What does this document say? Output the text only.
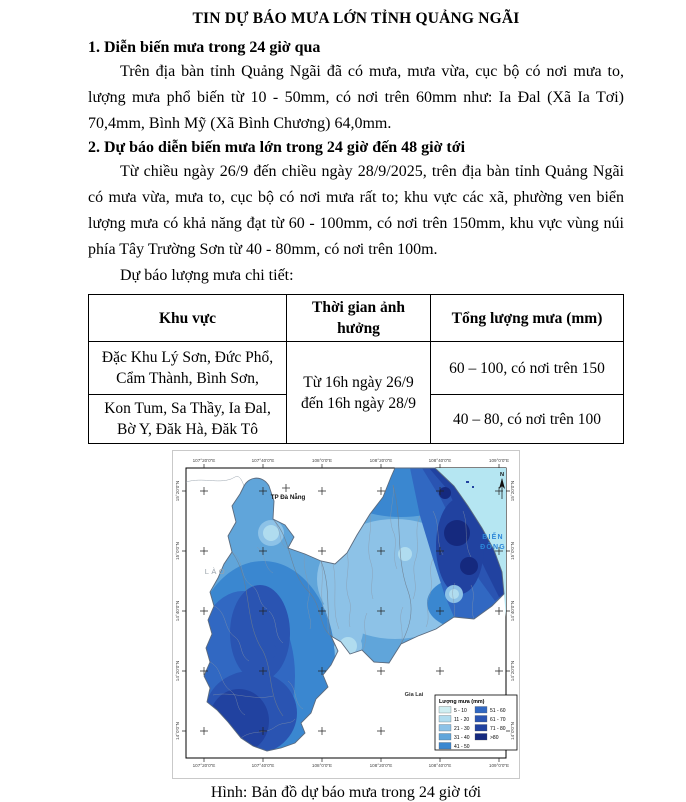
TIN DỰ BÁO MƯA LỚN TỈNH QUẢNG NGÃI
1. Diễn biến mưa trong 24 giờ qua

Trên địa bàn tỉnh Quảng Ngãi đã có mưa, mưa vừa, cục bộ có nơi mưa to, lượng mưa phổ biến từ 10 - 50mm, có nơi trên 60mm như: Ia Đal (Xã Ia Tơi) 70,4mm, Bình Mỹ (Xã Bình Chương) 64,0mm.

2. Dự báo diễn biến mưa lớn trong 24 giờ đến 48 giờ tới

Từ chiều ngày 26/9 đến chiều ngày 28/9/2025, trên địa bàn tỉnh Quảng Ngãi có mưa vừa, mưa to, cục bộ có nơi mưa rất to; khu vực các xã, phường ven biển lượng mưa có khả năng đạt từ 60 - 100mm, có nơi trên 150mm, khu vực vùng núi phía Tây Trường Sơn từ 40 - 80mm, có nơi trên 100m.

Dự báo lượng mưa chi tiết:

Khu vực	Thời gian ảnh hưởng	Tổng lượng mưa (mm)
Đặc Khu Lý Sơn, Đức Phổ, Cẩm Thành, Bình Sơn,	Từ 16h ngày 26/9 đến 16h ngày 28/9	60 – 100, có nơi trên 150
Kon Tum, Sa Thầy, Ia Đal, Bờ Y, Đăk Hà, Đăk Tô		40 – 80, có nơi trên 100
TP Đà Nẵng
LÀO
BIỂN
ĐÔNG
Gia Lai
N
Lượng mưa (mm)
5 - 10
11 - 20
21 - 30
31 - 40
41 - 50
51 - 60
61 - 70
71 - 80
>80
107°20'0"E	107°40'0"E	108°0'0"E	108°20'0"E	108°40'0"E	109°0'0"E
107°20'0"E	107°40'0"E	108°0'0"E	108°20'0"E	108°40'0"E	109°0'0"E
15°20'0"N
15°0'0"N
14°40'0"N
14°20'0"N
14°0'0"N
15°20'0"N
15°0'0"N
14°40'0"N
14°20'0"N
14°0'0"N
Hình: Bản đồ dự báo mưa trong 24 giờ tới
